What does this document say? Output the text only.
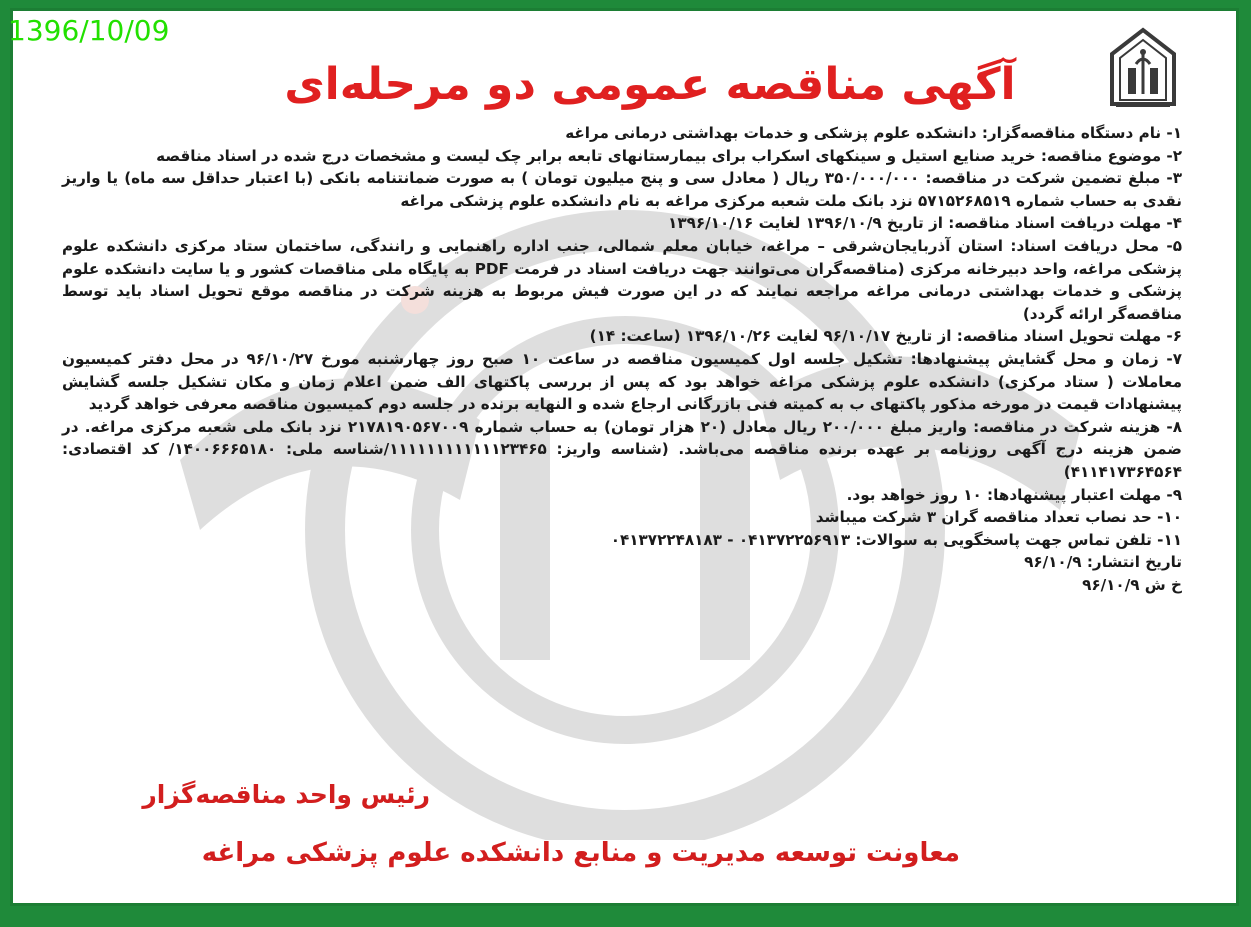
1396/10/09
آگهی مناقصه عمومی دو مرحله‌ای

۱- نام دستگاه مناقصه‌گزار: دانشکده علوم پزشکی و خدمات بهداشتی درمانی مراغه

۲- موضوع مناقصه: خرید صنایع استیل و سینکهای اسکراب برای بیمارستانهای تابعه برابر چک لیست و مشخصات درج شده در اسناد مناقصه

۳- مبلغ تضمین شرکت در مناقصه: ۳۵۰/۰۰۰/۰۰۰ ریال ( معادل سی و پنج میلیون تومان ) به صورت ضمانتنامه بانکی (با اعتبار حداقل سه ماه) یا واریز نقدی به حساب شماره ۵۷۱۵۲۶۸۵۱۹ نزد بانک ملت شعبه مرکزی مراغه به نام دانشکده علوم پزشکی مراغه

۴- مهلت دریافت اسناد مناقصه: از تاریخ ۱۳۹۶/۱۰/۹ لغایت ۱۳۹۶/۱۰/۱۶

۵- محل دریافت اسناد: استان آذربایجان‌شرقی – مراغه، خیابان معلم شمالی، جنب اداره راهنمایی و رانندگی، ساختمان ستاد مرکزی دانشکده علوم پزشکی مراغه، واحد دبیرخانه مرکزی (مناقصه‌گران می‌توانند جهت دریافت اسناد در فرمت PDF به پایگاه ملی مناقصات کشور و یا سایت دانشکده علوم پزشکی و خدمات بهداشتی درمانی مراغه مراجعه نمایند که در این صورت فیش مربوط به هزینه شرکت در مناقصه موقع تحویل اسناد باید توسط مناقصه‌گر ارائه گردد)

۶- مهلت تحویل اسناد مناقصه: از تاریخ ۹۶/۱۰/۱۷ لغایت ۱۳۹۶/۱۰/۲۶ (ساعت: ۱۴)

۷- زمان و محل گشایش پیشنهادها: تشکیل جلسه اول کمیسیون مناقصه در ساعت ۱۰ صبح روز چهارشنبه مورخ ۹۶/۱۰/۲۷ در محل دفتر کمیسیون معاملات ( ستاد مرکزی) دانشکده علوم پزشکی مراغه خواهد بود که پس از بررسی پاکتهای الف ضمن اعلام زمان و مکان تشکیل جلسه گشایش پیشنهادات قیمت در مورخه مذکور پاکتهای ب به کمیته فنی بازرگانی ارجاع شده و النهایه برنده در جلسه دوم کمیسیون مناقصه معرفی خواهد گردید

۸- هزینه شرکت در مناقصه: واریز مبلغ ۲۰۰/۰۰۰ ریال معادل (۲۰ هزار تومان) به حساب شماره ۲۱۷۸۱۹۰۵۶۷۰۰۹ نزد بانک ملی شعبه مرکزی مراغه. در ضمن هزینه درج آگهی روزنامه بر عهده برنده مناقصه می‌باشد. (شناسه واریز: ۱۱۱۱۱۱۱۱۱۱۱۱۲۳۴۶۵/شناسه ملی: ۱۴۰۰۶۶۶۵۱۸۰/ کد اقتصادی: ۴۱۱۴۱۷۳۶۴۵۶۴)

۹- مهلت اعتبار پیشنهادها: ۱۰ روز خواهد بود.

۱۰- حد نصاب تعداد مناقصه گران ۳ شرکت میباشد

۱۱- تلفن تماس جهت پاسخگویی به سوالات: ۰۴۱۳۷۲۲۵۶۹۱۳ - ۰۴۱۳۷۲۲۴۸۱۸۳

تاریخ انتشار: ۹۶/۱۰/۹

خ ش ۹۶/۱۰/۹

رئیس واحد مناقصه‌گزار
معاونت توسعه مدیریت و منابع دانشکده علوم پزشکی مراغه
